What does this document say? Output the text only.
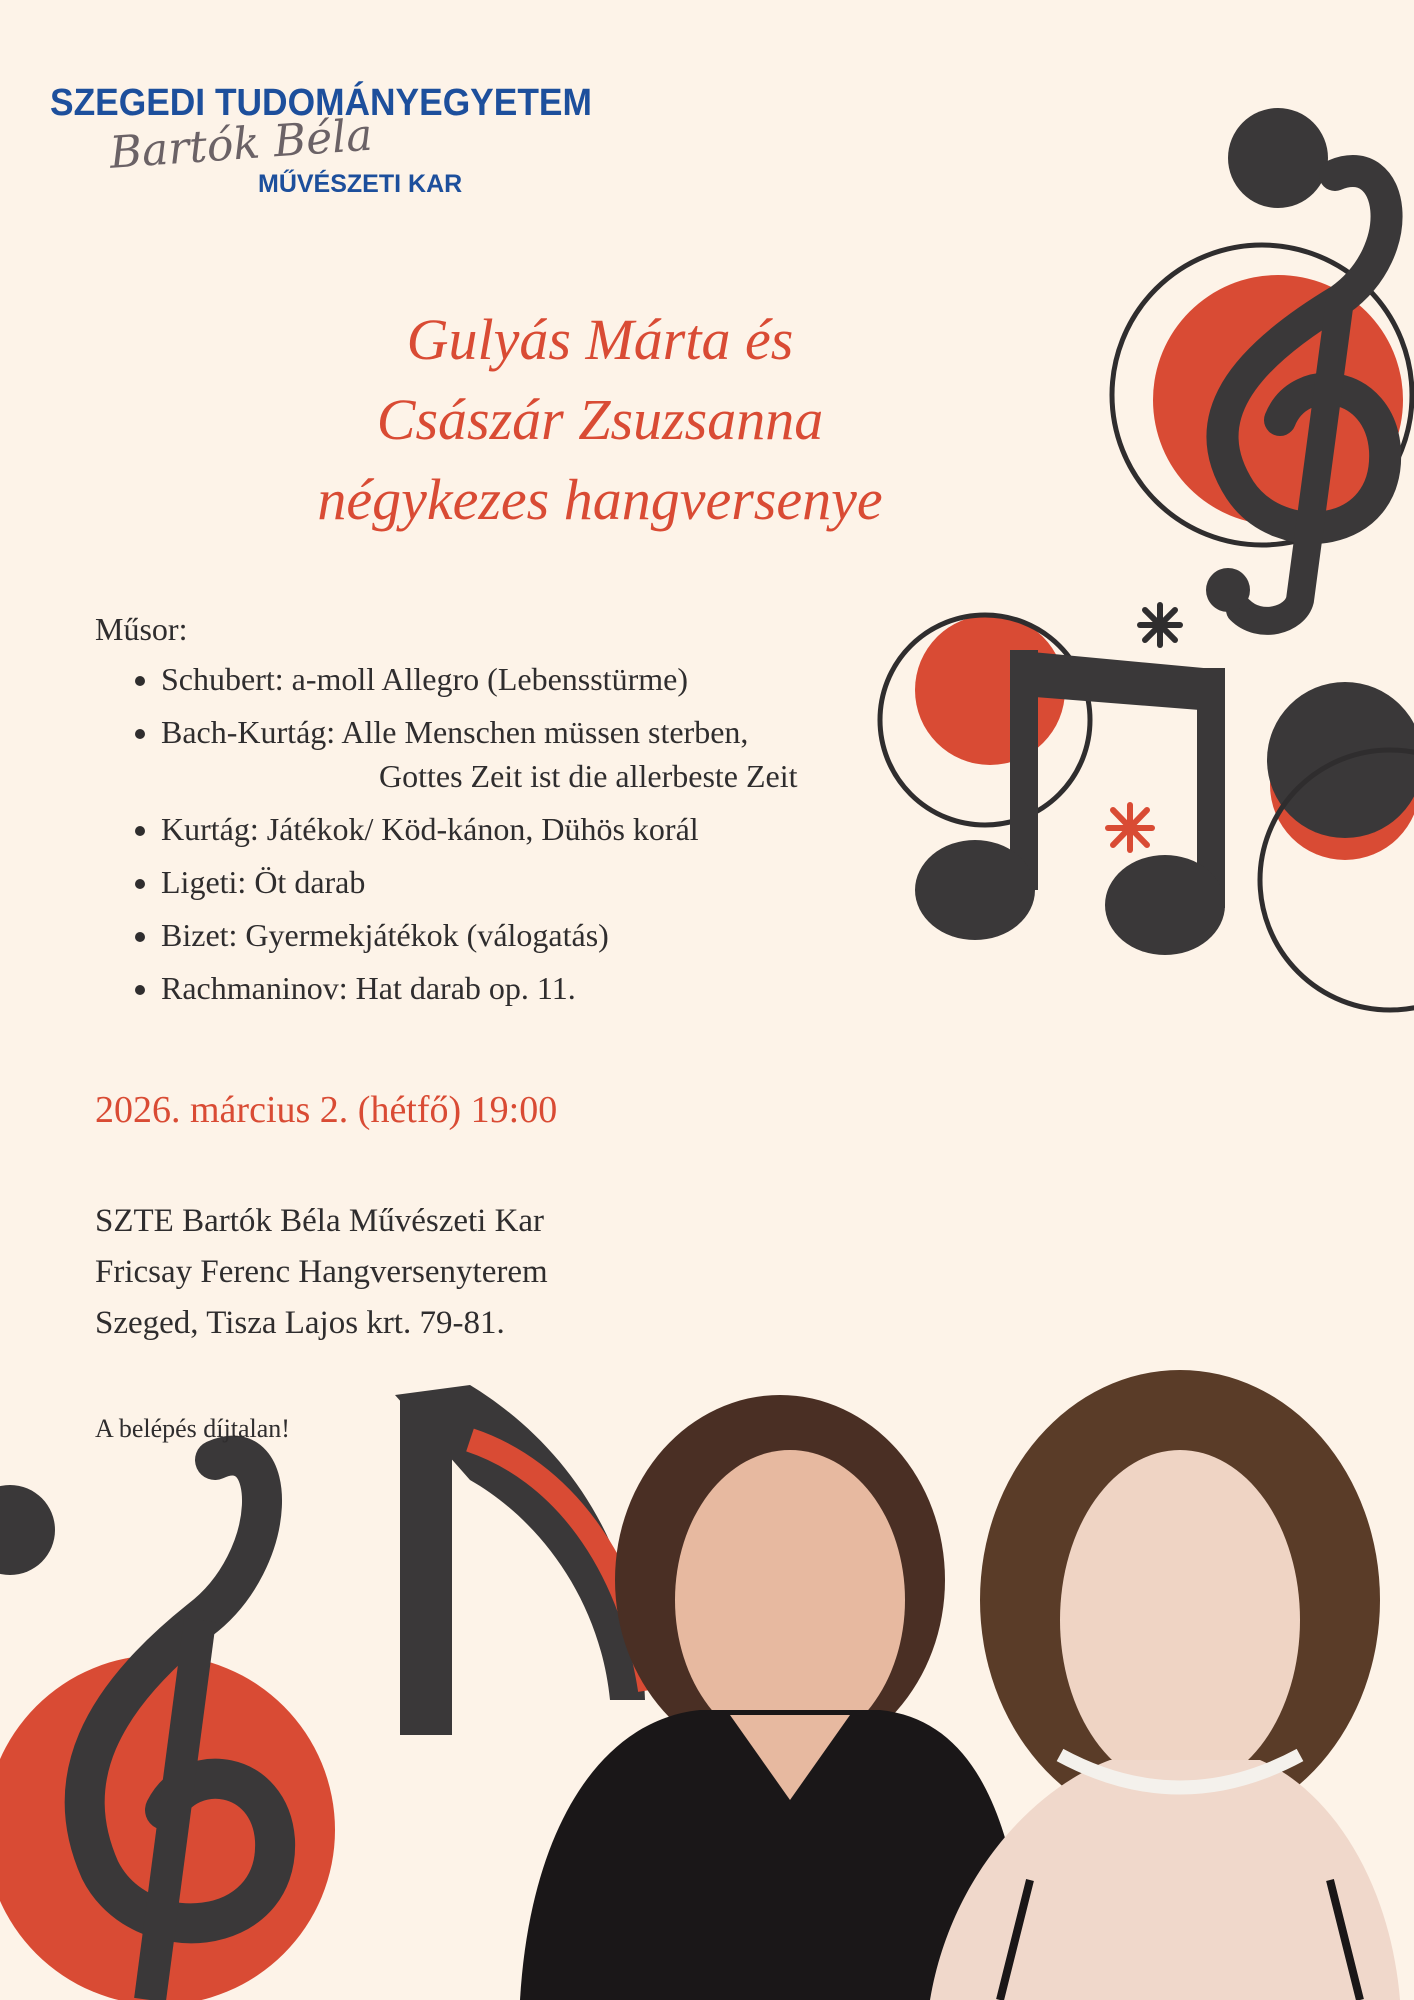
SZEGEDI TUDOMÁNYEGYETEM
Bartók Béla
MŰVÉSZETI KAR
Gulyás Márta és
Császár Zsuzsanna
négykezes hangversenye
Műsor:
• Schubert: a-moll Allegro (Lebensstürme)
• Bach-Kurtág: Alle Menschen müssen sterben,
Gottes Zeit ist die allerbeste Zeit
• Kurtág: Játékok/ Köd-kánon, Dühös korál
• Ligeti: Öt darab
• Bizet: Gyermekjátékok (válogatás)
• Rachmaninov: Hat darab op. 11.
2026. március 2. (hétfő) 19:00
SZTE Bartók Béla Művészeti Kar
Fricsay Ferenc Hangversenyterem
Szeged, Tisza Lajos krt. 79-81.
A belépés díjtalan!
